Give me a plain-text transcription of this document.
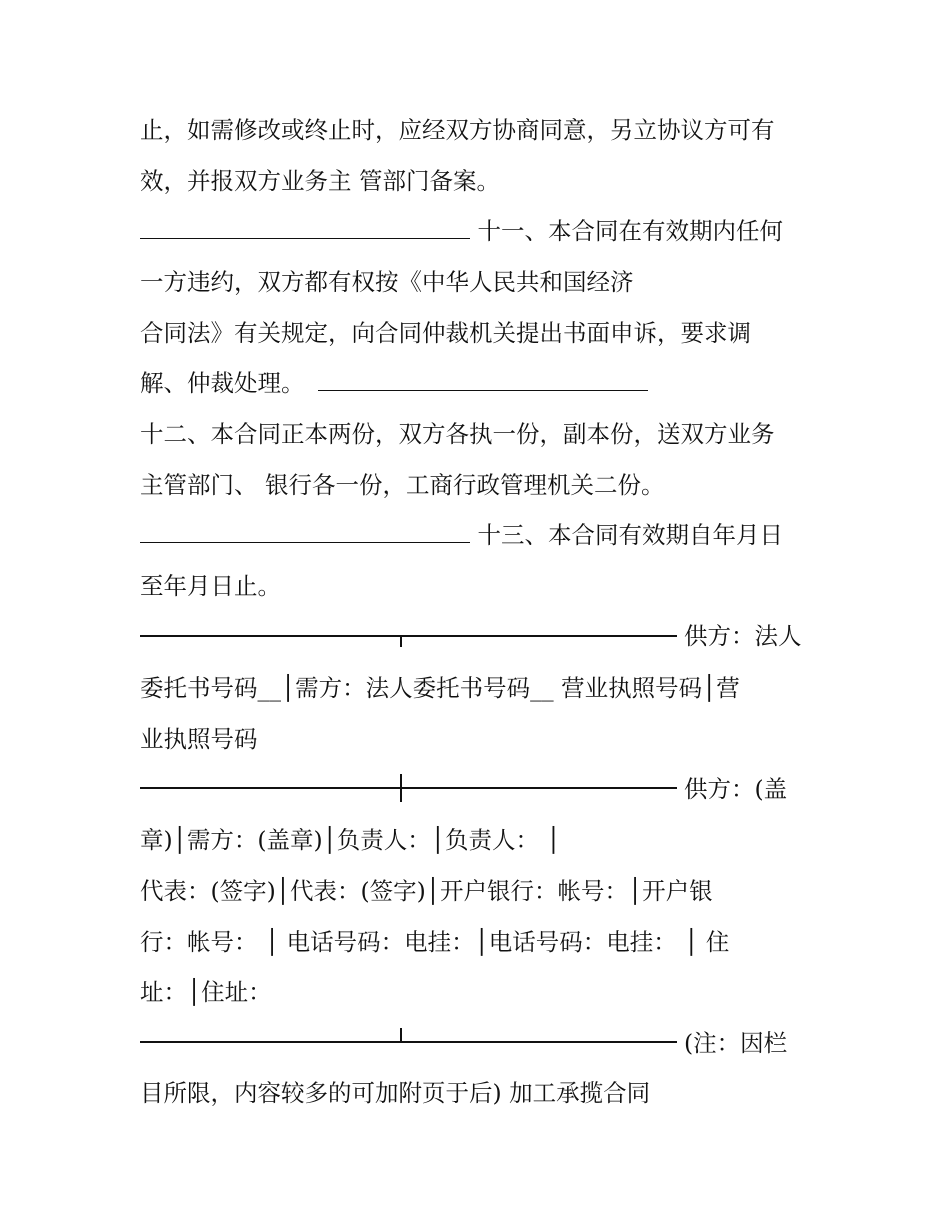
止，如需修改或终止时，应经双方协商同意，另立协议方可有
效，并报双方业务主 管部门备案。
十一、本合同在有效期内任何
一方违约，双方都有权按《中华人民共和国经济
合同法》有关规定，向合同仲裁机关提出书面申诉，要求调
解、仲裁处理。
十二、本合同正本两份，双方各执一份，副本份，送双方业务
主管部门、 银行各一份，工商行政管理机关二份。
十三、本合同有效期自年月日
至年月日止。
供方：法人
委托书号码__│需方：法人委托书号码__ 营业执照号码│营
业执照号码
供方：(盖
章)│需方：(盖章)│负责人：│负责人： │
代表：(签字)│代表：(签字)│开户银行：帐号：│开户银
行：帐号： │ 电话号码：电挂：│电话号码：电挂： │ 住
址：│住址：
(注：因栏
目所限，内容较多的可加附页于后) 加工承揽合同
